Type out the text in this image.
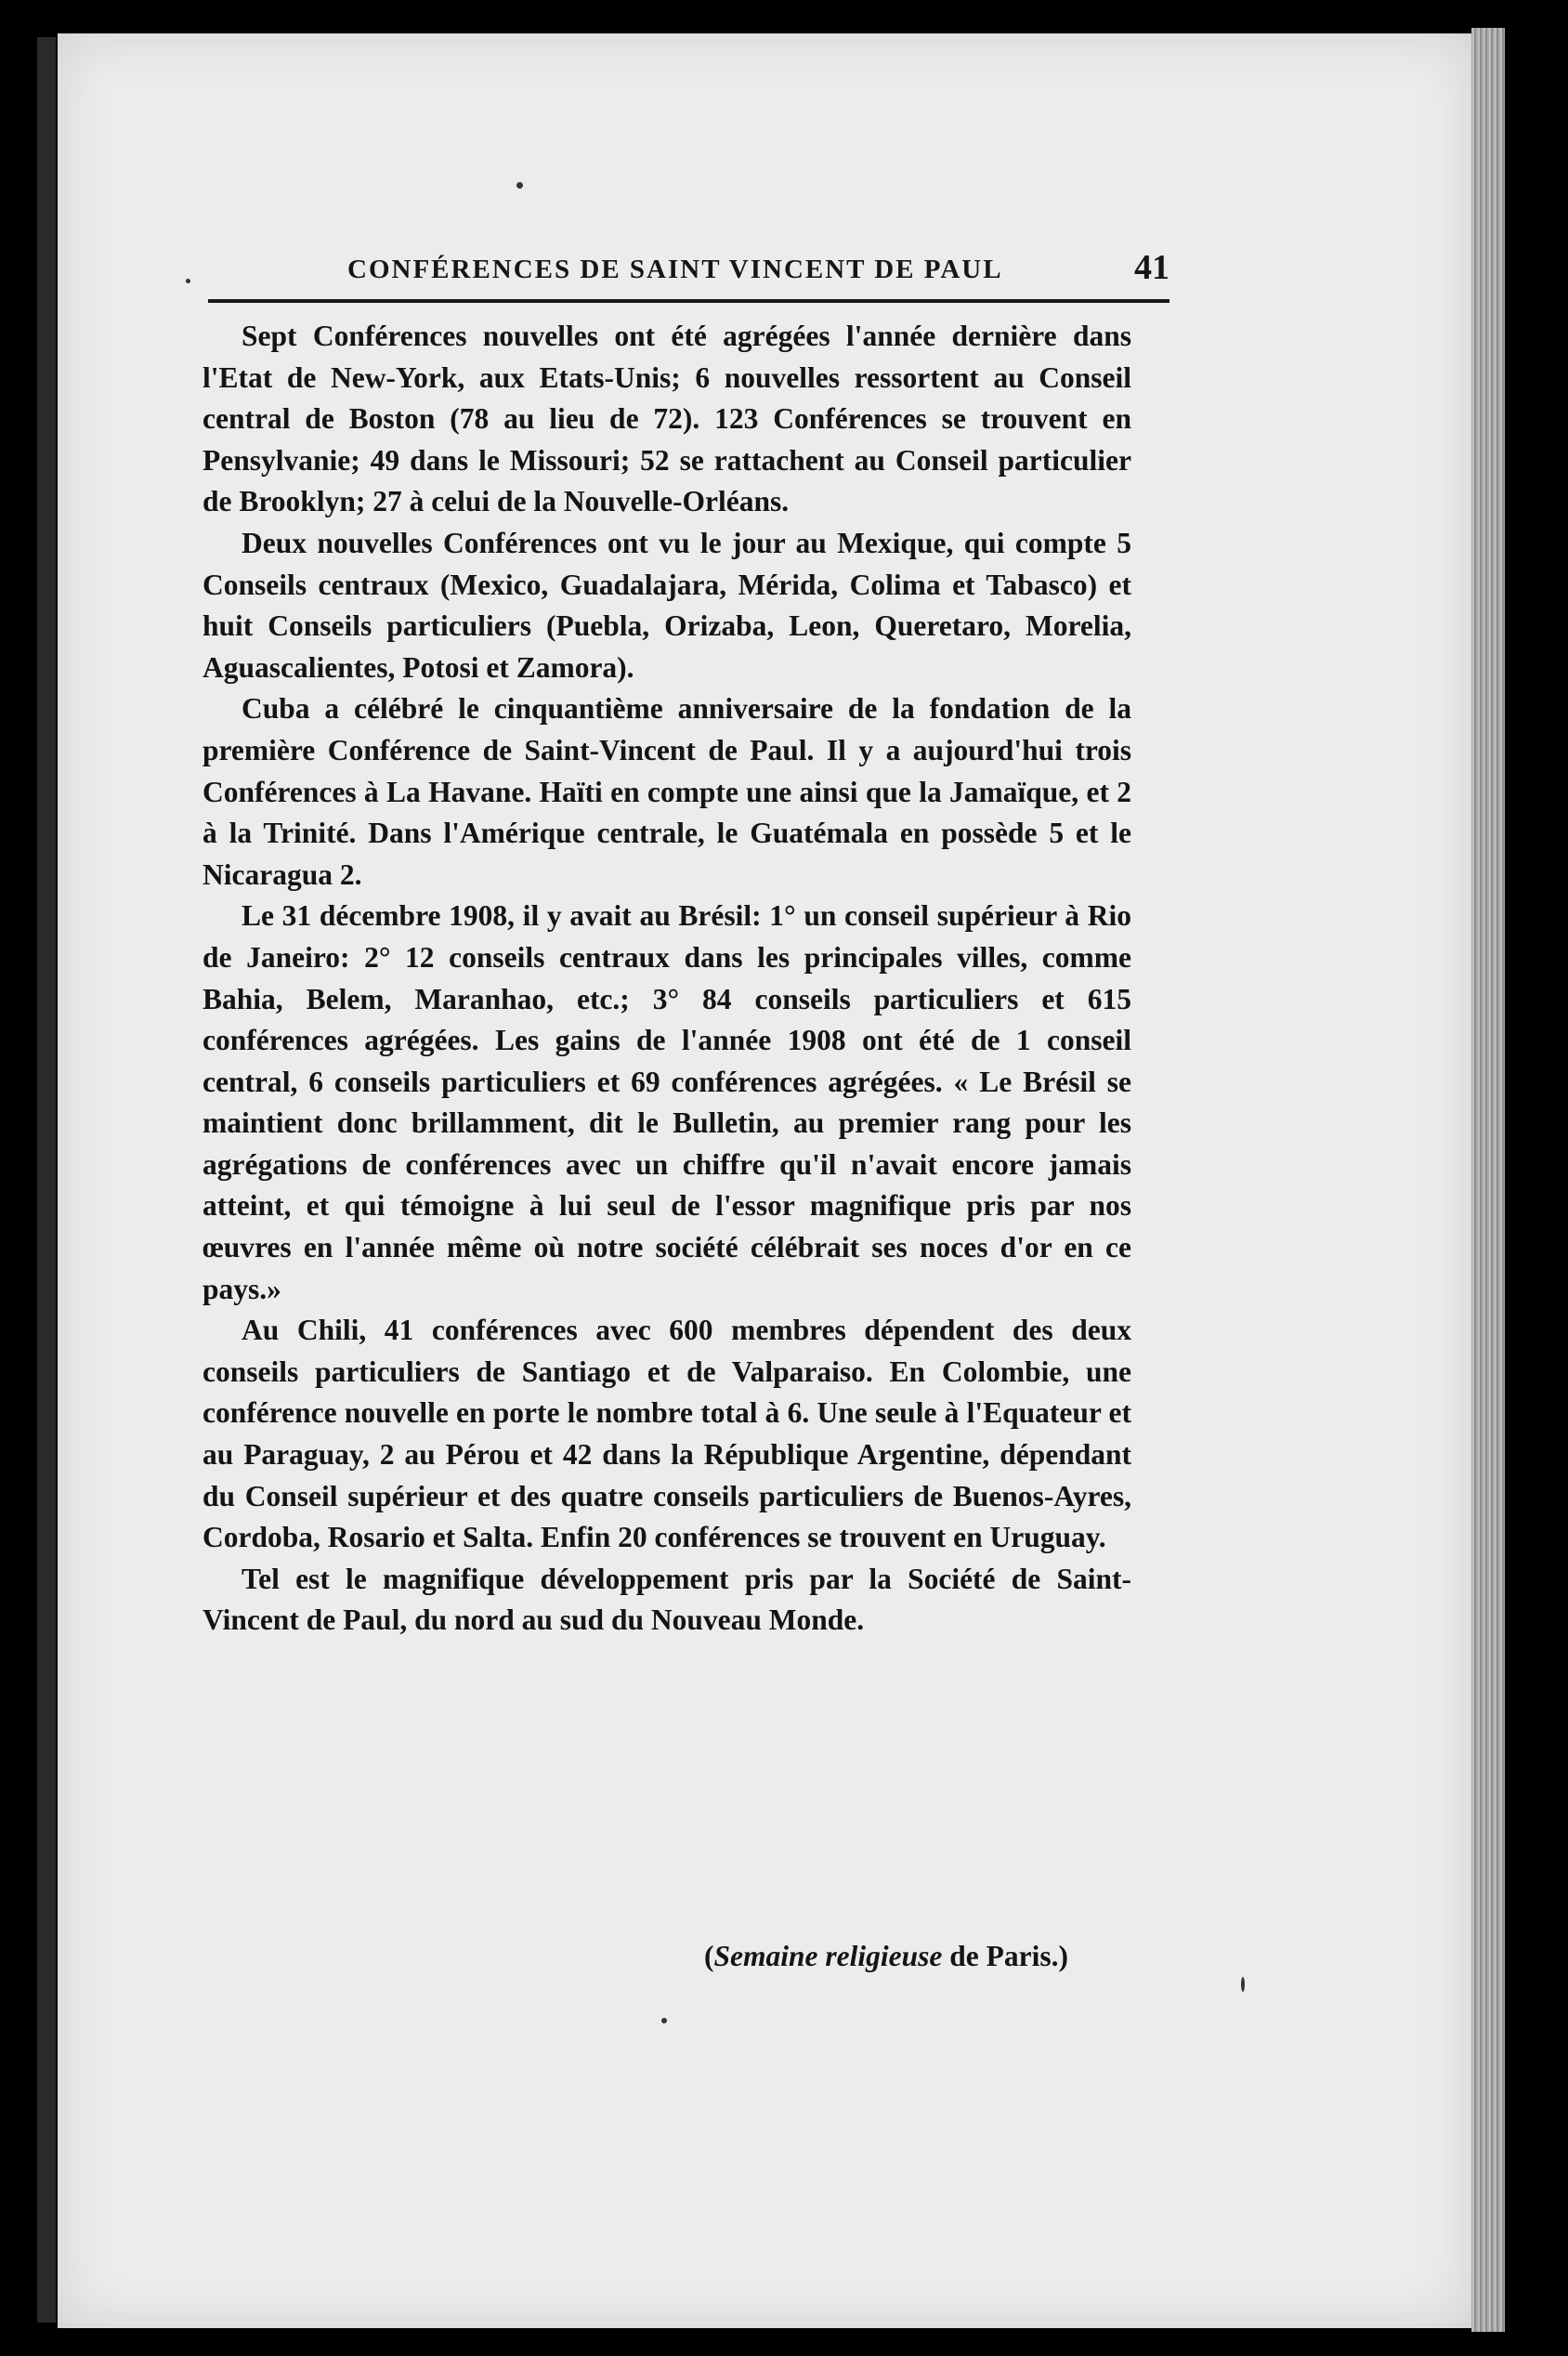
CONFÉRENCES DE SAINT VINCENT DE PAUL	41

Sept Conférences nouvelles ont été agrégées l'année dernière dans l'Etat de New-York, aux Etats-Unis; 6 nouvelles ressortent au Conseil central de Boston (78 au lieu de 72). 123 Conférences se trouvent en Pensylvanie; 49 dans le Missouri; 52 se rattachent au Conseil particulier de Brooklyn; 27 à celui de la Nouvelle-Orléans.

Deux nouvelles Conférences ont vu le jour au Mexique, qui compte 5 Conseils centraux (Mexico, Guadalajara, Mérida, Colima et Tabasco) et huit Conseils particuliers (Puebla, Orizaba, Leon, Queretaro, Morelia, Aguascalientes, Potosi et Zamora).

Cuba a célébré le cinquantième anniversaire de la fondation de la première Conférence de Saint-Vincent de Paul. Il y a aujourd'hui trois Conférences à La Havane. Haïti en compte une ainsi que la Jamaïque, et 2 à la Trinité. Dans l'Amérique centrale, le Guatémala en possède 5 et le Nicaragua 2.

Le 31 décembre 1908, il y avait au Brésil: 1° un conseil supérieur à Rio de Janeiro: 2° 12 conseils centraux dans les principales villes, comme Bahia, Belem, Maranhao, etc.; 3° 84 conseils particuliers et 615 conférences agrégées. Les gains de l'année 1908 ont été de 1 conseil central, 6 conseils particuliers et 69 conférences agrégées. « Le Brésil se maintient donc brillamment, dit le Bulletin, au premier rang pour les agrégations de conférences avec un chiffre qu'il n'avait encore jamais atteint, et qui témoigne à lui seul de l'essor magnifique pris par nos œuvres en l'année même où notre société célébrait ses noces d'or en ce pays.»

Au Chili, 41 conférences avec 600 membres dépendent des deux conseils particuliers de Santiago et de Valparaiso. En Colombie, une conférence nouvelle en porte le nombre total à 6. Une seule à l'Equateur et au Paraguay, 2 au Pérou et 42 dans la République Argentine, dépendant du Conseil supérieur et des quatre conseils particuliers de Buenos-Ayres, Cordoba, Rosario et Salta. Enfin 20 conférences se trouvent en Uruguay.

Tel est le magnifique développement pris par la Société de Saint-Vincent de Paul, du nord au sud du Nouveau Monde.

(Semaine religieuse de Paris.)
